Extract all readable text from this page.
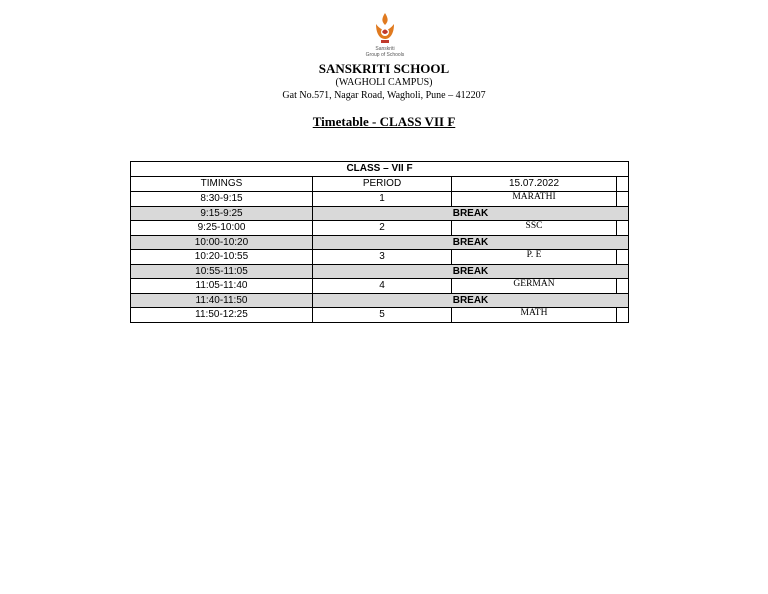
Sanskriti
Group of Schools
SANSKRITI SCHOOL
(WAGHOLI CAMPUS)
Gat No.571, Nagar Road, Wagholi, Pune – 412207
Timetable - CLASS VII F
CLASS – VII F
TIMINGS	PERIOD	15.07.2022
8:30-9:15	1	MARATHI
9:15-9:25	BREAK
9:25-10:00	2	SSC
10:00-10:20	BREAK
10:20-10:55	3	P. E
10:55-11:05	BREAK
11:05-11:40	4	GERMAN
11:40-11:50	BREAK
11:50-12:25	5	MATH
